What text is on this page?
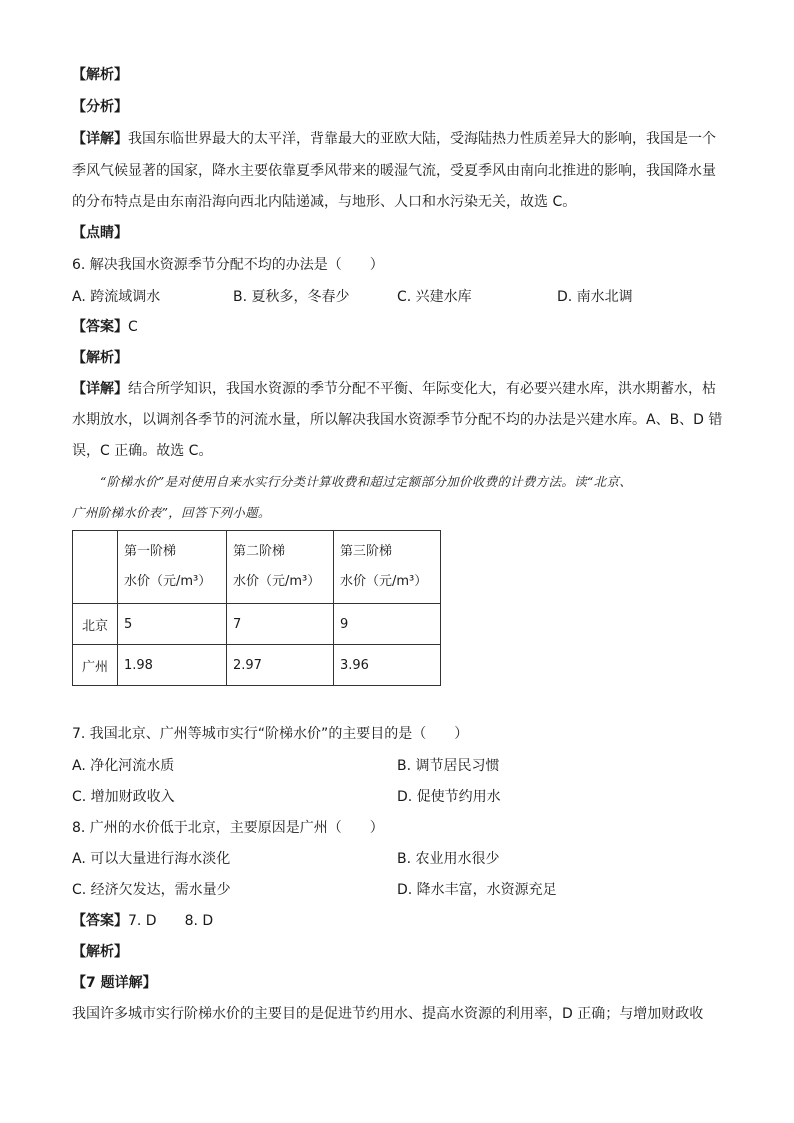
【解析】
【分析】
【详解】我国东临世界最大的太平洋，背靠最大的亚欧大陆，受海陆热力性质差异大的影响，我国是一个
季风气候显著的国家，降水主要依靠夏季风带来的暖湿气流，受夏季风由南向北推进的影响，我国降水量
的分布特点是由东南沿海向西北内陆递减，与地形、人口和水污染无关，故选 C。
【点睛】
6. 解决我国水资源季节分配不均的办法是（　　）
A. 跨流域调水	B. 夏秋多，冬春少	C. 兴建水库	D. 南水北调
【答案】C
【解析】
【详解】结合所学知识，我国水资源的季节分配不平衡、年际变化大，有必要兴建水库，洪水期蓄水，枯
水期放水，以调剂各季节的河流水量，所以解决我国水资源季节分配不均的办法是兴建水库。A、B、D 错
误，C 正确。故选 C。
“阶梯水价”是对使用自来水实行分类计算收费和超过定额部分加价收费的计费方法。读“北京、
广州阶梯水价表”，回答下列小题。

	第一阶梯
水价（元/m³）	第二阶梯
水价（元/m³）	第三阶梯
水价（元/m³）

北京	5	7	9
广州	1.98	2.97	3.96
7. 我国北京、广州等城市实行“阶梯水价”的主要目的是（　　）
A. 净化河流水质	B. 调节居民习惯
C. 增加财政收入	D. 促使节约用水
8. 广州的水价低于北京，主要原因是广州（　　）
A. 可以大量进行海水淡化	B. 农业用水很少
C. 经济欠发达，需水量少	D. 降水丰富，水资源充足
【答案】7. D　　8. D
【解析】
【7 题详解】
我国许多城市实行阶梯水价的主要目的是促进节约用水、提高水资源的利用率，D 正确；与增加财政收
